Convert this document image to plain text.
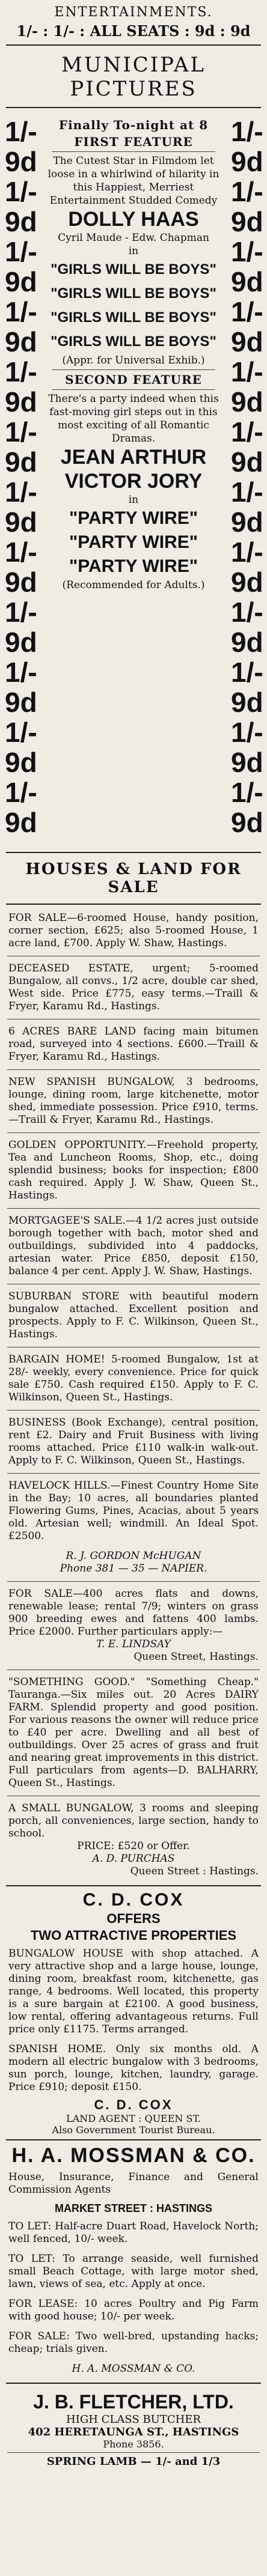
ENTERTAINMENTS.
1/- : 1/- : ALL SEATS : 9d : 9d
MUNICIPAL PICTURES
1/-
9d
1/-
9d
1/-
9d
1/-
9d
1/-
9d
1/-
9d
1/-
9d
1/-
9d
1/-
9d
1/-
9d
1/-
9d
1/-
9d
1/-
9d
1/-
9d
1/-
9d
1/-
9d
1/-
9d
1/-
9d
1/-
9d
1/-
9d
1/-
9d
1/-
9d
1/-
9d
1/-
9d
Finally To-night at 8
FIRST FEATURE
The Cutest Star in Filmdom let loose in a whirlwind of hilarity in this Happiest, Merriest Entertainment Studded Comedy
DOLLY HAAS
Cyril Maude - Edw. Chapman
in
"GIRLS WILL BE BOYS"
"GIRLS WILL BE BOYS"
"GIRLS WILL BE BOYS"
"GIRLS WILL BE BOYS"
(Appr. for Universal Exhib.)
SECOND FEATURE
There's a party indeed when this fast-moving girl steps out in this most exciting of all Romantic Dramas.
JEAN ARTHUR
VICTOR JORY
in
"PARTY WIRE"
"PARTY WIRE"
"PARTY WIRE"
(Recommended for Adults.)
HOUSES & LAND FOR SALE
FOR SALE—6-roomed House, handy position, corner section, £625; also 5-roomed House, 1 acre land, £700. Apply W. Shaw, Hastings.
DECEASED ESTATE, urgent; 5-roomed Bungalow, all convs., 1/2 acre, double car shed, West side. Price £775, easy terms.—Traill & Fryer, Karamu Rd., Hastings.
6 ACRES BARE LAND facing main bitumen road, surveyed into 4 sections. £600.—Traill & Fryer, Karamu Rd., Hastings.
NEW SPANISH BUNGALOW, 3 bedrooms, lounge, dining room, large kitchenette, motor shed, immediate possession. Price £910, terms.—Traill & Fryer, Karamu Rd., Hastings.
GOLDEN OPPORTUNITY.—Freehold property, Tea and Luncheon Rooms, Shop, etc., doing splendid business; books for inspection; £800 cash required. Apply J. W. Shaw, Queen St., Hastings.
MORTGAGEE'S SALE.—4 1/2 acres just outside borough together with bach, motor shed and outbuildings, subdivided into 4 paddocks, artesian water. Price £850, deposit £150, balance 4 per cent. Apply J. W. Shaw, Hastings.
SUBURBAN STORE with beautiful modern bungalow attached. Excellent position and prospects. Apply to F. C. Wilkinson, Queen St., Hastings.
BARGAIN HOME! 5-roomed Bungalow, 1st at 28/- weekly, every convenience. Price for quick sale £750. Cash required £150. Apply to F. C. Wilkinson, Queen St., Hastings.
BUSINESS (Book Exchange), central position, rent £2. Dairy and Fruit Business with living rooms attached. Price £110 walk-in walk-out. Apply to F. C. Wilkinson, Queen St., Hastings.
HAVELOCK HILLS.—Finest Country Home Site in the Bay; 10 acres, all boundaries planted Flowering Gums, Pines, Acacias, about 5 years old. Artesian well; windmill. An Ideal Spot. £2500.
R. J. GORDON McHUGAN
Phone 381 — 35 — NAPIER.
FOR SALE—400 acres flats and downs, renewable lease; rental 7/9; winters on grass 900 breeding ewes and fattens 400 lambs. Price £2000. Further particulars apply:—
T. E. LINDSAY
Queen Street, Hastings.
"SOMETHING GOOD." "Something Cheap." Tauranga.—Six miles out. 20 Acres DAIRY FARM. Splendid property and good position. For various reasons the owner will reduce price to £40 per acre. Dwelling and all best of outbuildings. Over 25 acres of grass and fruit and nearing great improvements in this district. Full particulars from agents—D. BALHARRY, Queen St., Hastings.
A SMALL BUNGALOW, 3 rooms and sleeping porch, all conveniences, large section, handy to school.
PRICE: £520 or Offer.
A. D. PURCHAS
Queen Street : Hastings.
C. D. COX
OFFERS
TWO ATTRACTIVE PROPERTIES
BUNGALOW HOUSE with shop attached. A very attractive shop and a large house, lounge, dining room, breakfast room, kitchenette, gas range, 4 bedrooms. Well located, this property is a sure bargain at £2100. A good business, low rental, offering advantageous returns. Full price only £1175. Terms arranged.
SPANISH HOME. Only six months old. A modern all electric bungalow with 3 bedrooms, sun porch, lounge, kitchen, laundry, garage. Price £910; deposit £150.
C. D. COX
LAND AGENT : QUEEN ST.
Also Government Tourist Bureau.
H. A. MOSSMAN & CO.
House, Insurance, Finance and General Commission Agents
MARKET STREET : HASTINGS
TO LET: Half-acre Duart Road, Havelock North; well fenced, 10/- week.
TO LET: To arrange seaside, well furnished small Beach Cottage, with large motor shed, lawn, views of sea, etc. Apply at once.
FOR LEASE: 10 acres Poultry and Pig Farm with good house; 10/- per week.
FOR SALE: Two well-bred, upstanding hacks; cheap; trials given.
H. A. MOSSMAN & CO.
J. B. FLETCHER, LTD.
HIGH CLASS BUTCHER
402 HERETAUNGA ST., HASTINGS
Phone 3856.
SPRING LAMB — 1/- and 1/3
